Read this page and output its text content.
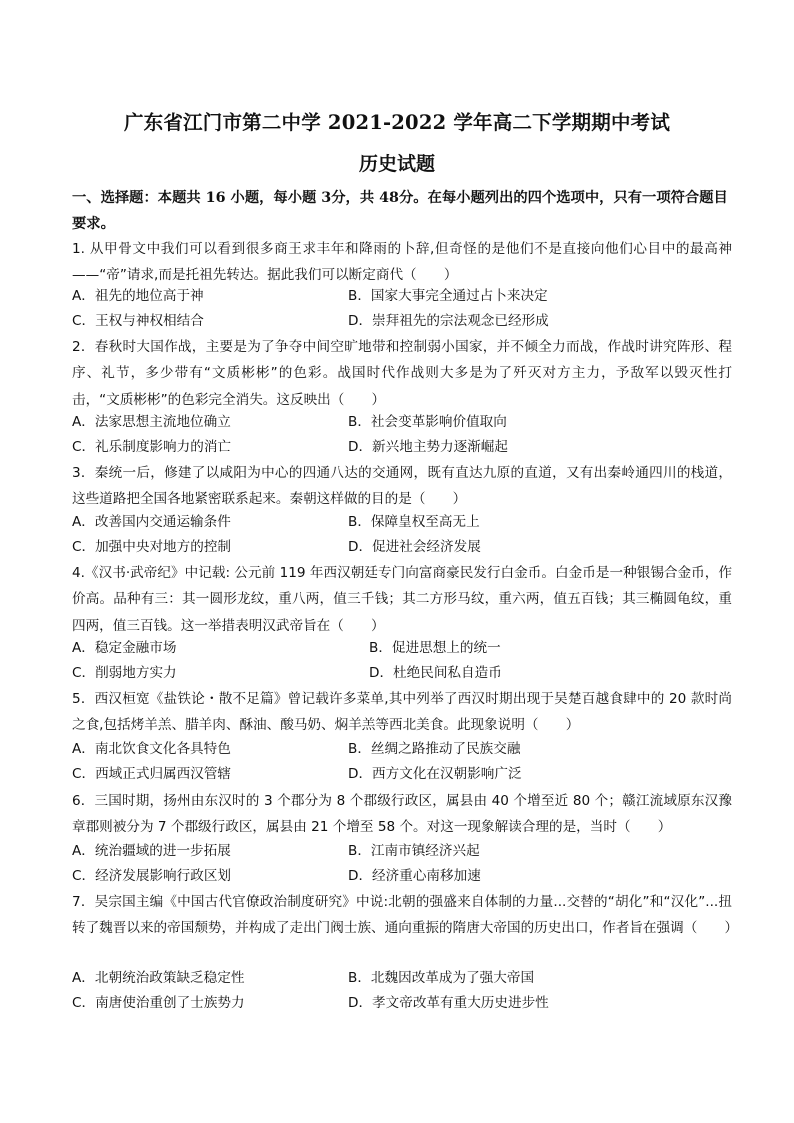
广东省江门市第二中学 2021-2022 学年高二下学期期中考试
历史试题
一、选择题：本题共 16 小题，每小题 3分，共 48分。在每小题列出的四个选项中，只有一项符合题目要求。

1. 从甲骨文中我们可以看到很多商王求丰年和降雨的卜辞,但奇怪的是他们不是直接向他们心目中的最高神——“帝”请求,而是托祖先转达。据此我们可以断定商代（　　）

A．祖先的地位高于神	B．国家大事完全通过占卜来决定
C．王权与神权相结合	D．崇拜祖先的宗法观念已经形成

2．春秋时大国作战，主要是为了争夺中间空旷地带和控制弱小国家，并不倾全力而战，作战时讲究阵形、程序、礼节，多少带有“文质彬彬”的色彩。战国时代作战则大多是为了歼灭对方主力，予敌军以毁灭性打击，“文质彬彬”的色彩完全消失。这反映出（　　）

A．法家思想主流地位确立	B．社会变革影响价值取向
C．礼乐制度影响力的消亡	D．新兴地主势力逐渐崛起

3．秦统一后，修建了以咸阳为中心的四通八达的交通网，既有直达九原的直道，又有出秦岭通四川的栈道，这些道路把全国各地紧密联系起来。秦朝这样做的目的是（　　）

A．改善国内交通运输条件	B．保障皇权至高无上
C．加强中央对地方的控制	D．促进社会经济发展

4.《汉书·武帝纪》中记载: 公元前 119 年西汉朝廷专门向富商豪民发行白金币。白金币是一种银锡合金币，作价高。品种有三：其一圆形龙纹，重八两，值三千钱；其二方形马纹，重六两，值五百钱；其三椭圆龟纹，重四两，值三百钱。这一举措表明汉武帝旨在（　　）

A．稳定金融市场	B．促进思想上的统一
C．削弱地方实力	D．杜绝民间私自造币

5．西汉桓宽《盐铁论・散不足篇》曾记载许多菜单,其中列举了西汉时期出现于吴楚百越食肆中的 20 款时尚之食,包括烤羊羔、腊羊肉、酥油、酸马奶、焖羊羔等西北美食。此现象说明（　　）

A．南北饮食文化各具特色	B．丝绸之路推动了民族交融
C．西域正式归属西汉管辖	D．西方文化在汉朝影响广泛

6．三国时期，扬州由东汉时的 3 个郡分为 8 个郡级行政区，属县由 40 个增至近 80 个；赣江流域原东汉豫章郡则被分为 7 个郡级行政区，属县由 21 个增至 58 个。对这一现象解读合理的是，当时（　　）

A．统治疆域的进一步拓展	B．江南市镇经济兴起
C．经济发展影响行政区划	D．经济重心南移加速

7．吴宗国主编《中国古代官僚政治制度研究》中说:北朝的强盛来自体制的力量...交替的“胡化”和“汉化”...扭转了魏晋以来的帝国颓势，并构成了走出门阀士族、通向重振的隋唐大帝国的历史出口，作者旨在强调（　　）

A．北朝统治政策缺乏稳定性	B．北魏因改革成为了强大帝国
C．南唐使治重创了士族势力	D．孝文帝改革有重大历史进步性
